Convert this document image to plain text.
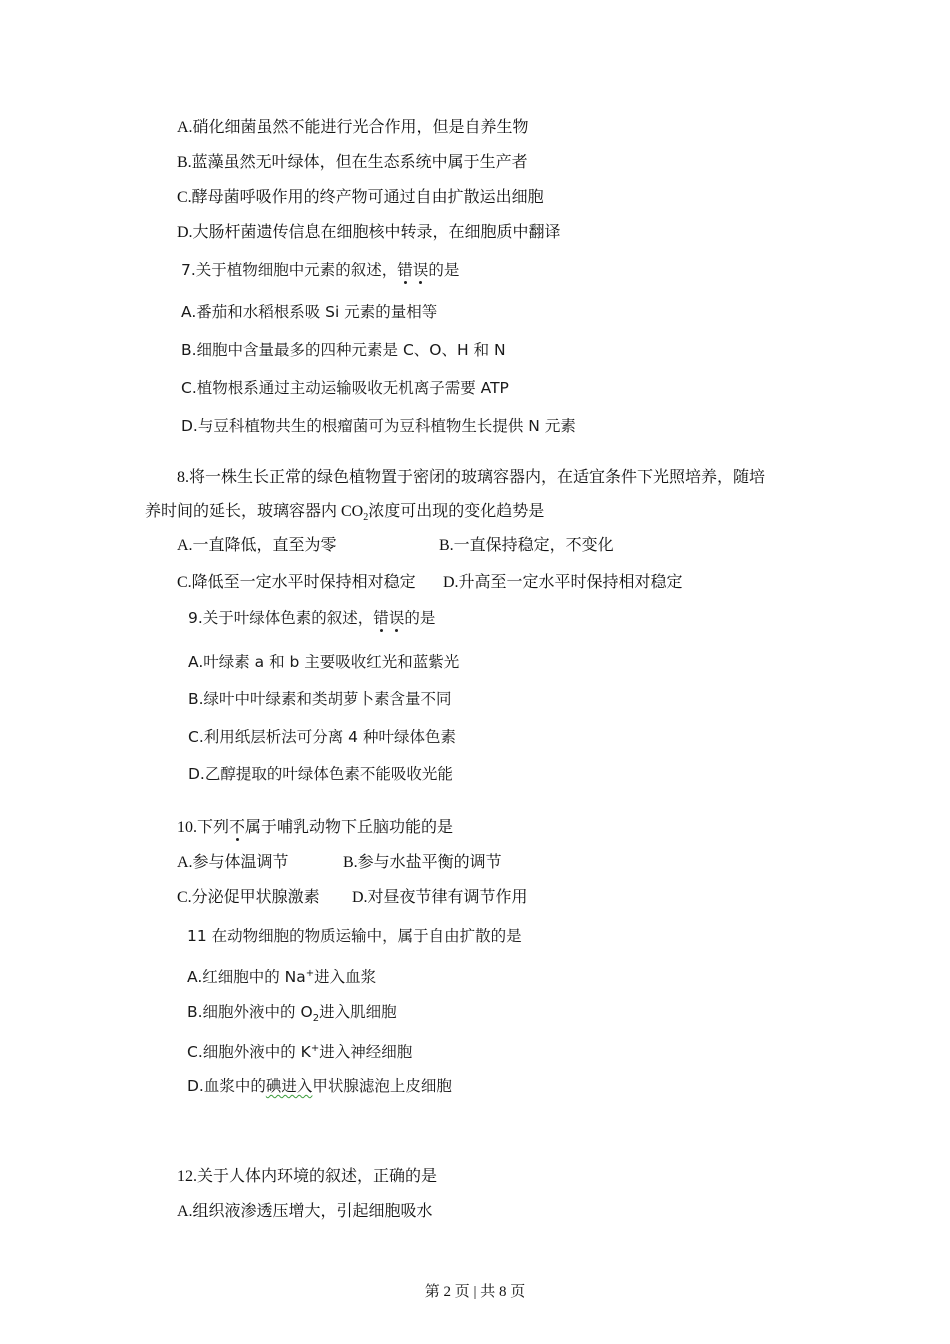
A.硝化细菌虽然不能进行光合作用，但是自养生物
B.蓝藻虽然无叶绿体，但在生态系统中属于生产者
C.酵母菌呼吸作用的终产物可通过自由扩散运出细胞
D.大肠杆菌遗传信息在细胞核中转录，在细胞质中翻译
7.关于植物细胞中元素的叙述，错误的是
A.番茄和水稻根系吸 Si 元素的量相等
B.细胞中含量最多的四种元素是 C、O、H 和 N
C.植物根系通过主动运输吸收无机离子需要 ATP
D.与豆科植物共生的根瘤菌可为豆科植物生长提供 N 元素
8.将一株生长正常的绿色植物置于密闭的玻璃容器内，在适宜条件下光照培养，随培
养时间的延长，玻璃容器内 $CO_2$浓度可出现的变化趋势是
A.一直降低，直至为零	B.一直保持稳定，不变化
C.降低至一定水平时保持相对稳定 D.升高至一定水平时保持相对稳定
9.关于叶绿体色素的叙述，错误的是
A.叶绿素 a 和 b 主要吸收红光和蓝紫光
B.绿叶中叶绿素和类胡萝卜素含量不同
C.利用纸层析法可分离 4 种叶绿体色素
D.乙醇提取的叶绿体色素不能吸收光能
10.下列不属于哺乳动物下丘脑功能的是
A.参与体温调节	B.参与水盐平衡的调节
C.分泌促甲状腺激素 D.对昼夜节律有调节作用
11 在动物细胞的物质运输中，属于自由扩散的是
A.红细胞中的 Na+进入血浆
B.细胞外液中的 $O_2$进入肌细胞
C.细胞外液中的 K+进入神经细胞
D.血浆中的碘进入甲状腺滤泡上皮细胞
12.关于人体内环境的叙述，正确的是
A.组织液渗透压增大，引起细胞吸水
第 2 页 | 共 8 页
